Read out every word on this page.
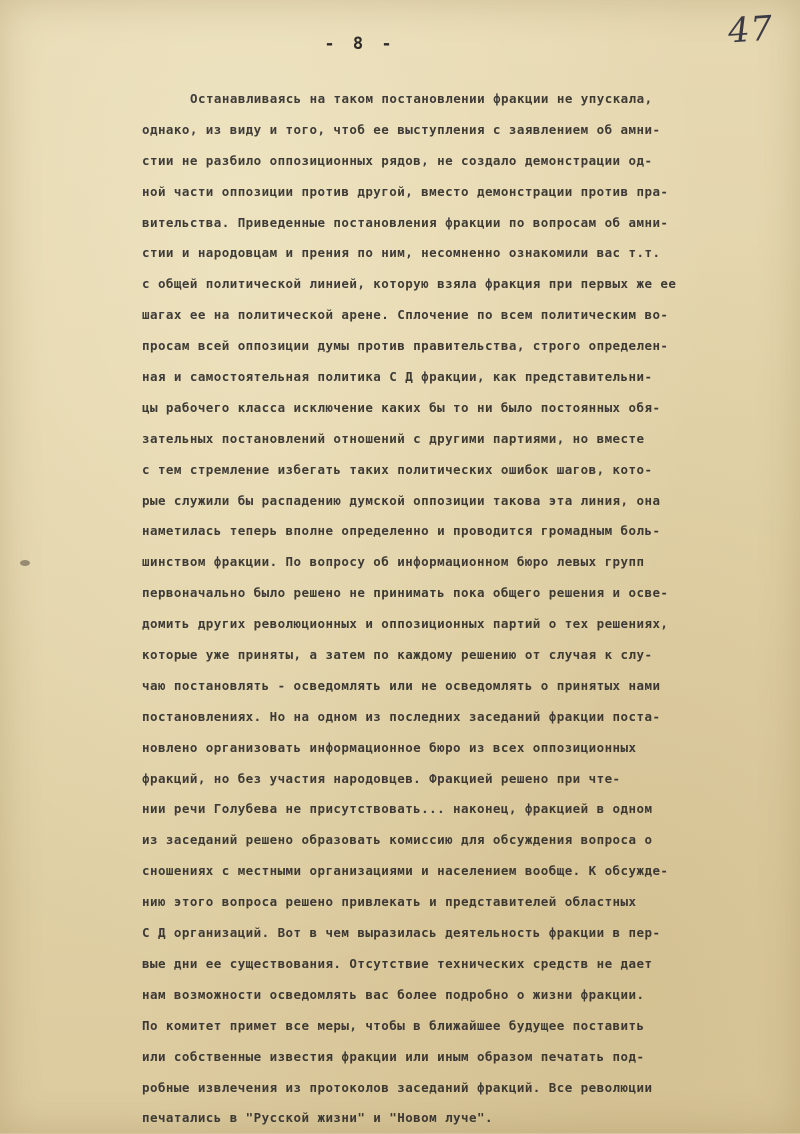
47
- 8 -
Останавливаясь на таком постановлении фракции не упускала,
однако, из виду и того, чтоб ее выступления с заявлением об амни-
стии не разбило оппозиционных рядов, не создало демонстрации од-
ной части оппозиции против другой, вместо демонстрации против пра-
вительства. Приведенные постановления фракции по вопросам об амни-
стии и народовцам и прения по ним, несомненно ознакомили вас т.т.
с общей политической линией, которую взяла фракция при первых же ее
шагах ее на политической арене. Сплочение по всем политическим во-
просам всей оппозиции думы против правительства, строго определен-
ная и самостоятельная политика С Д фракции, как представительни-
цы рабочего класса исключение каких бы то ни было постоянных обя-
зательных постановлений отношений с другими партиями, но вместе
с тем стремление избегать таких политических ошибок шагов, кото-
рые служили бы распадению думской оппозиции такова эта линия, она
наметилась теперь вполне определенно и проводится громадным боль-
шинством фракции. По вопросу об информационном бюро левых групп
первоначально было решено не принимать пока общего решения и осве-
домить других революционных и оппозиционных партий о тех решениях,
которые уже приняты, а затем по каждому решению от случая к слу-
чаю постановлять - осведомлять или не осведомлять о принятых нами
постановлениях. Но на одном из последних заседаний фракции поста-
новлено организовать информационное бюро из всех оппозиционных
фракций, но без участия народовцев. Фракцией решено при чте-
нии речи Голубева не присутствовать... наконец, фракцией в одном
из заседаний решено образовать комиссию для обсуждения вопроса о
сношениях с местными организациями и населением вообще. К обсужде-
нию этого вопроса решено привлекать и представителей областных
С Д организаций. Вот в чем выразилась деятельность фракции в пер-
вые дни ее существования. Отсутствие технических средств не дает
нам возможности осведомлять вас более подробно о жизни фракции.
По комитет примет все меры, чтобы в ближайшее будущее поставить
или собственные известия фракции или иным образом печатать под-
робные извлечения из протоколов заседаний фракций. Все революции
печатались в "Русской жизни" и "Новом луче".
